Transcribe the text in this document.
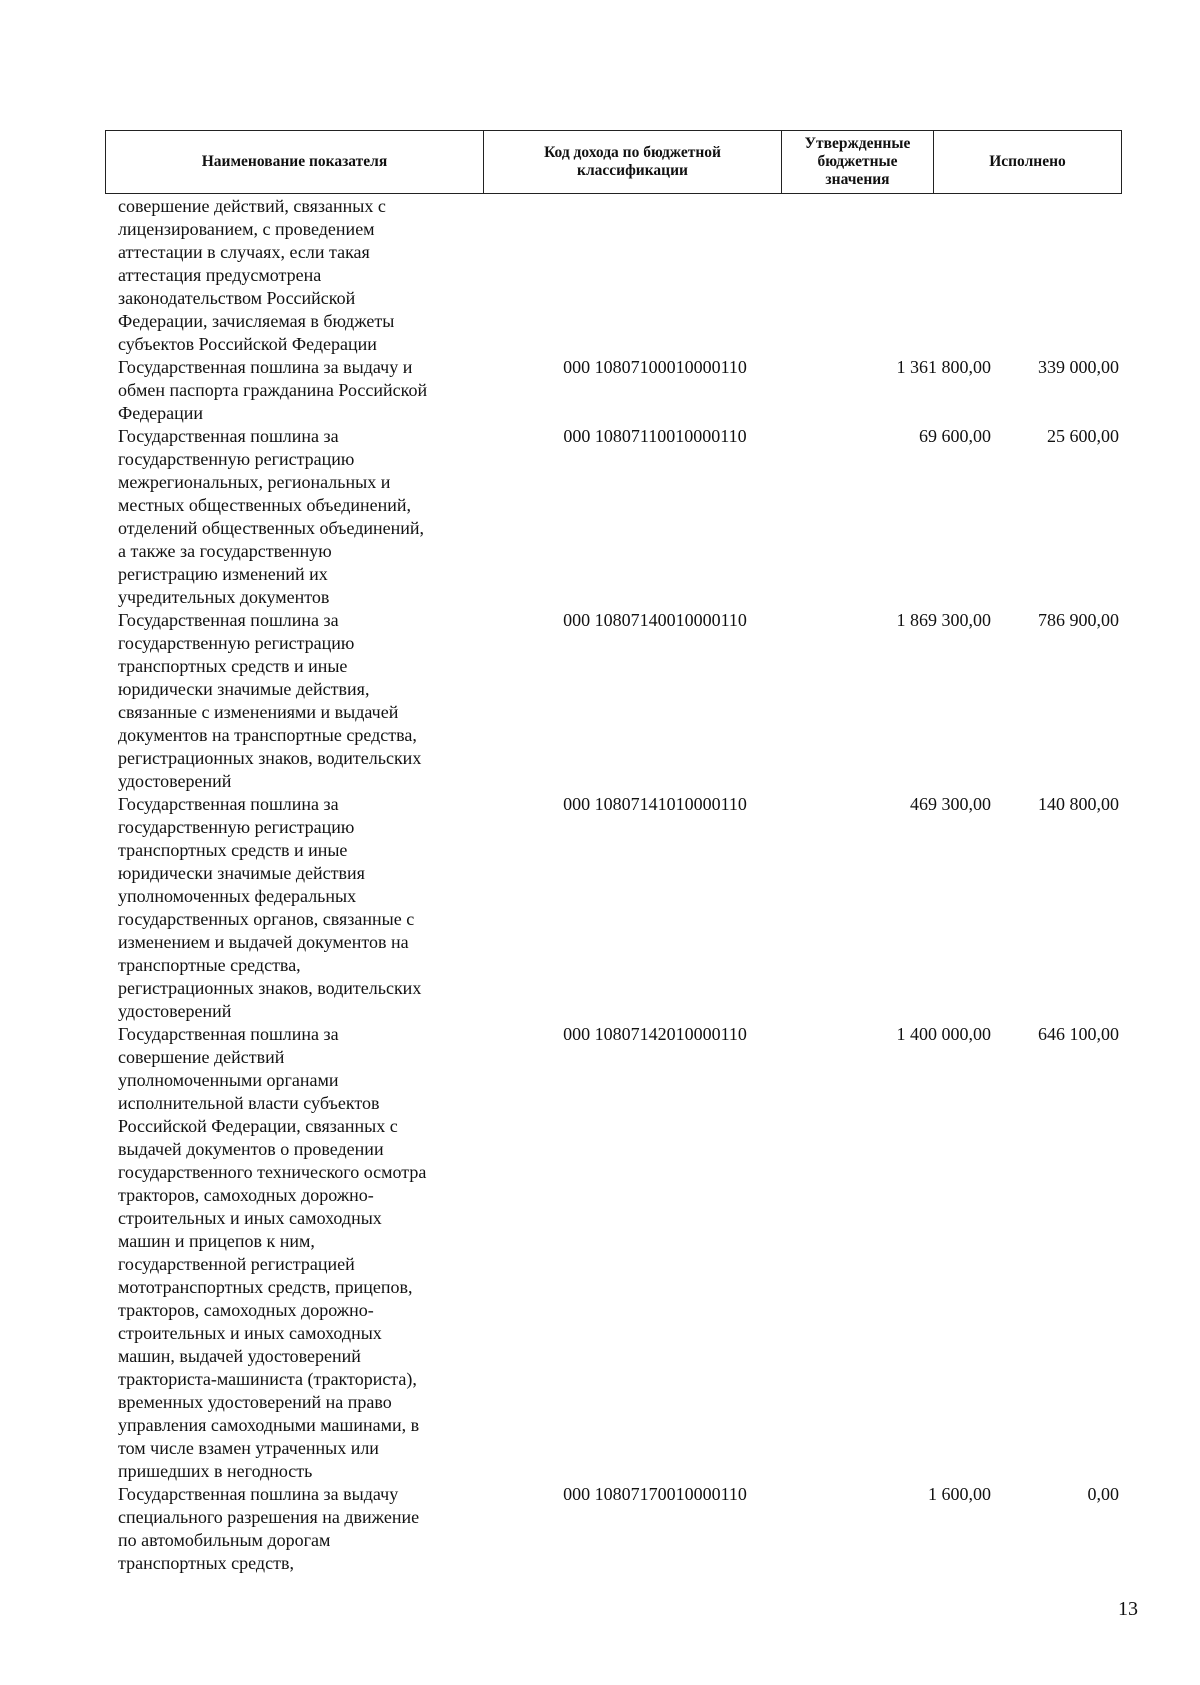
Наименование показателя	Код дохода по бюджетной классификации	Утвержденные бюджетные значения	Исполнено
совершение действий, связанных с
лицензированием, с проведением
аттестации в случаях, если такая
аттестация предусмотрена
законодательством Российской
Федерации, зачисляемая в бюджеты
субъектов Российской Федерации
Государственная пошлина за выдачу и
обмен паспорта гражданина Российской
Федерации
000 10807100010000110	1 361 800,00	339 000,00
Государственная пошлина за
государственную регистрацию
межрегиональных, региональных и
местных общественных объединений,
отделений общественных объединений,
а также за государственную
регистрацию изменений их
учредительных документов
000 10807110010000110	69 600,00	25 600,00
Государственная пошлина за
государственную регистрацию
транспортных средств и иные
юридически значимые действия,
связанные с изменениями и выдачей
документов на транспортные средства,
регистрационных знаков, водительских
удостоверений
000 10807140010000110	1 869 300,00	786 900,00
Государственная пошлина за
государственную регистрацию
транспортных средств и иные
юридически значимые действия
уполномоченных федеральных
государственных органов, связанные с
изменением и выдачей документов на
транспортные средства,
регистрационных знаков, водительских
удостоверений
000 10807141010000110	469 300,00	140 800,00
Государственная пошлина за
совершение действий
уполномоченными органами
исполнительной власти субъектов
Российской Федерации, связанных с
выдачей документов о проведении
государственного технического осмотра
тракторов, самоходных дорожно-
строительных и иных самоходных
машин и прицепов к ним,
государственной регистрацией
мототранспортных средств, прицепов,
тракторов, самоходных дорожно-
строительных и иных самоходных
машин, выдачей удостоверений
тракториста-машиниста (тракториста),
временных удостоверений на право
управления самоходными машинами, в
том числе взамен утраченных или
пришедших в негодность
000 10807142010000110	1 400 000,00	646 100,00
Государственная пошлина за выдачу
специального разрешения на движение
по автомобильным дорогам
транспортных средств,
000 10807170010000110	1 600,00	0,00
13
